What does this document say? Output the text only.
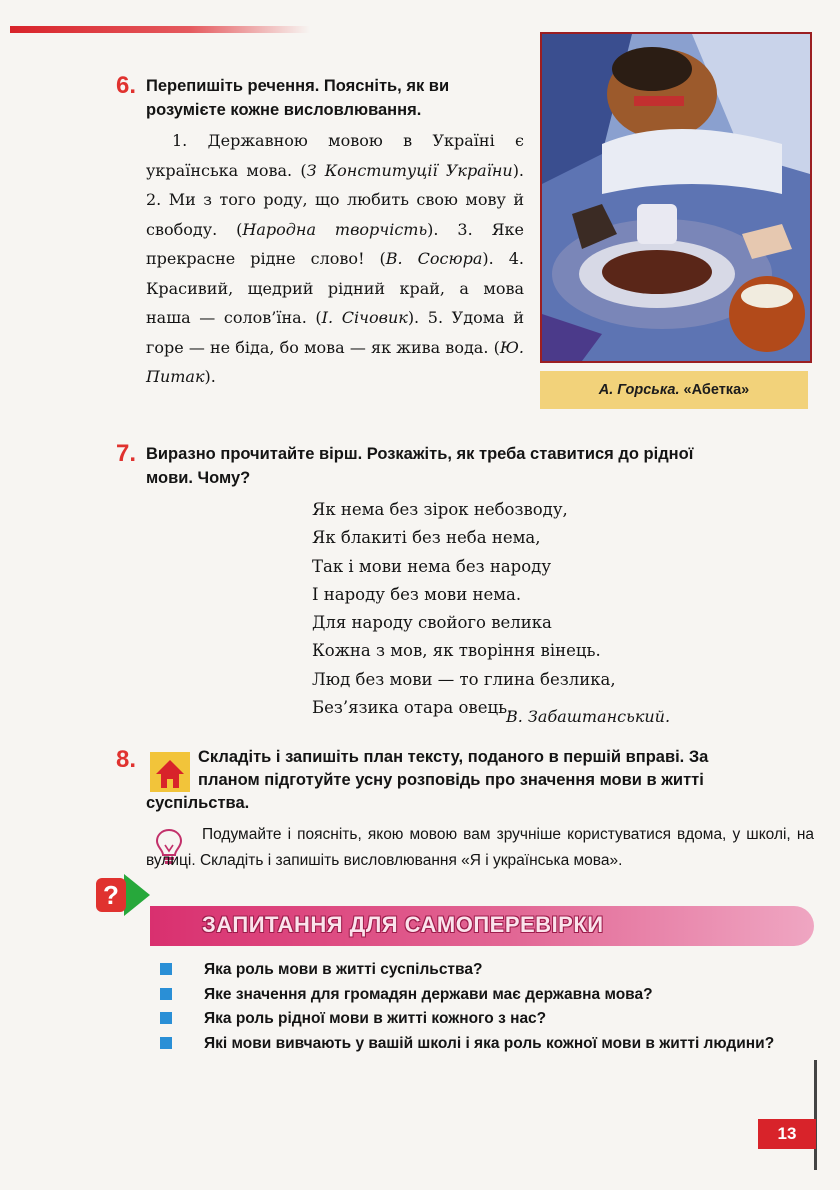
6. Перепишіть речення. Поясніть, як ви
розумієте кожне висловлювання.
1. Державною мовою в Україні є українська мова. (З Конституції України). 2. Ми з того роду, що любить свою мову й свободу. (Народна творчість). 3. Яке прекрасне рідне слово! (В. Сосюра). 4. Красивий, щедрий рідний край, а мова наша — солов’їна. (І. Січовик). 5. Удома й горе — не біда, бо мова — як жива вода. (Ю. Питак).
А. Горська.
«Абетка»
7. Виразно прочитайте вірш. Розкажіть, як треба ставитися до рідної
мови. Чому?
Як нема без зірок небозводу,
Як блакиті без неба нема,
Так і мови нема без народу
І народу без мови нема.
Для народу свойого велика
Кожна з мов, як творіння вінець.
Люд без мови — то глина безлика,
Без’язика отара овець.
В. Забаштанський.
8.	Складіть і запишіть план тексту, поданого в першій вправі. За
планом підготуйте усну розповідь про значення мови в житті
суспільства.
Подумайте і поясніть, якою мовою вам зручніше користуватися вдома, у школі, на вулиці. Складіть і запишіть висловлювання «Я і українська мова».
?
ЗАПИТАННЯ ДЛЯ САМОПЕРЕВІРКИ
Яка роль мови в житті суспільства?
Яке значення для громадян держави має державна мова?
Яка роль рідної мови в житті кожного з нас?
Які мови вивчають у вашій школі і яка роль кожної мови в житті людини?
13
